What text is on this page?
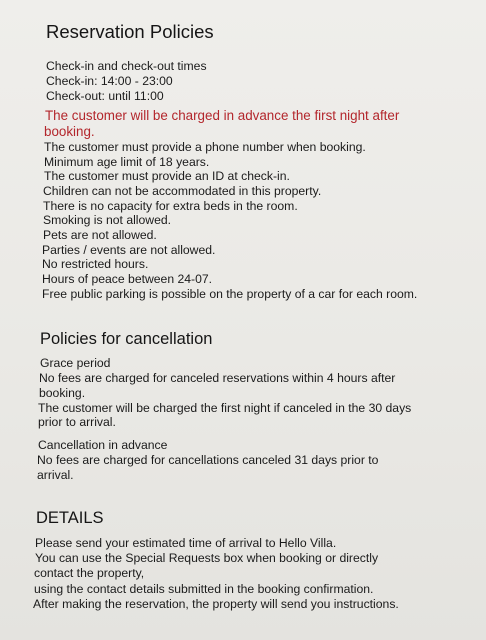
Reservation Policies

Check-in and check-out times

Check-in: 14:00 - 23:00

Check-out: until 11:00

The customer will be charged in advance the first night after

booking.

The customer must provide a phone number when booking.

Minimum age limit of 18 years.

The customer must provide an ID at check-in.

Children can not be accommodated in this property.

There is no capacity for extra beds in the room.

Smoking is not allowed.

Pets are not allowed.

Parties / events are not allowed.

No restricted hours.

Hours of peace between 24-07.

Free public parking is possible on the property of a car for each room.

Policies for cancellation

Grace period

No fees are charged for canceled reservations within 4 hours after

booking.

The customer will be charged the first night if canceled in the 30 days

prior to arrival.

Cancellation in advance

No fees are charged for cancellations canceled 31 days prior to

arrival.

DETAILS

Please send your estimated time of arrival to Hello Villa.

You can use the Special Requests box when booking or directly

contact the property,

using the contact details submitted in the booking confirmation.

After making the reservation, the property will send you instructions.
